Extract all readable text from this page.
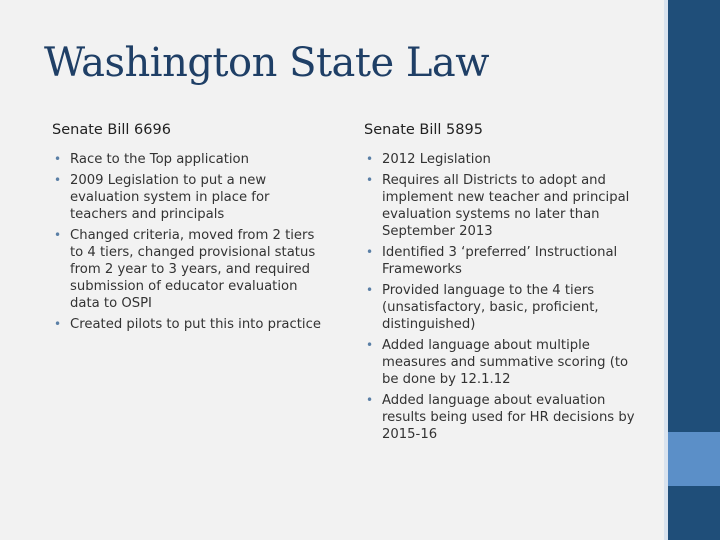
Washington State Law
Senate Bill 6696
• Race to the Top application
• 2009 Legislation to put a new evaluation system in place for teachers and principals
• Changed criteria, moved from 2 tiers to 4 tiers, changed provisional status from 2 year to 3 years, and required submission of educator evaluation data to OSPI
• Created pilots to put this into practice
Senate Bill 5895
• 2012 Legislation
• Requires all Districts to adopt and implement new teacher and principal evaluation systems no later than September 2013
• Identified 3 ‘preferred’ Instructional Frameworks
• Provided language to the 4 tiers (unsatisfactory, basic, proficient, distinguished)
• Added language about multiple measures and summative scoring (to be done by 12.1.12
• Added language about evaluation results being used for HR decisions by 2015-16
